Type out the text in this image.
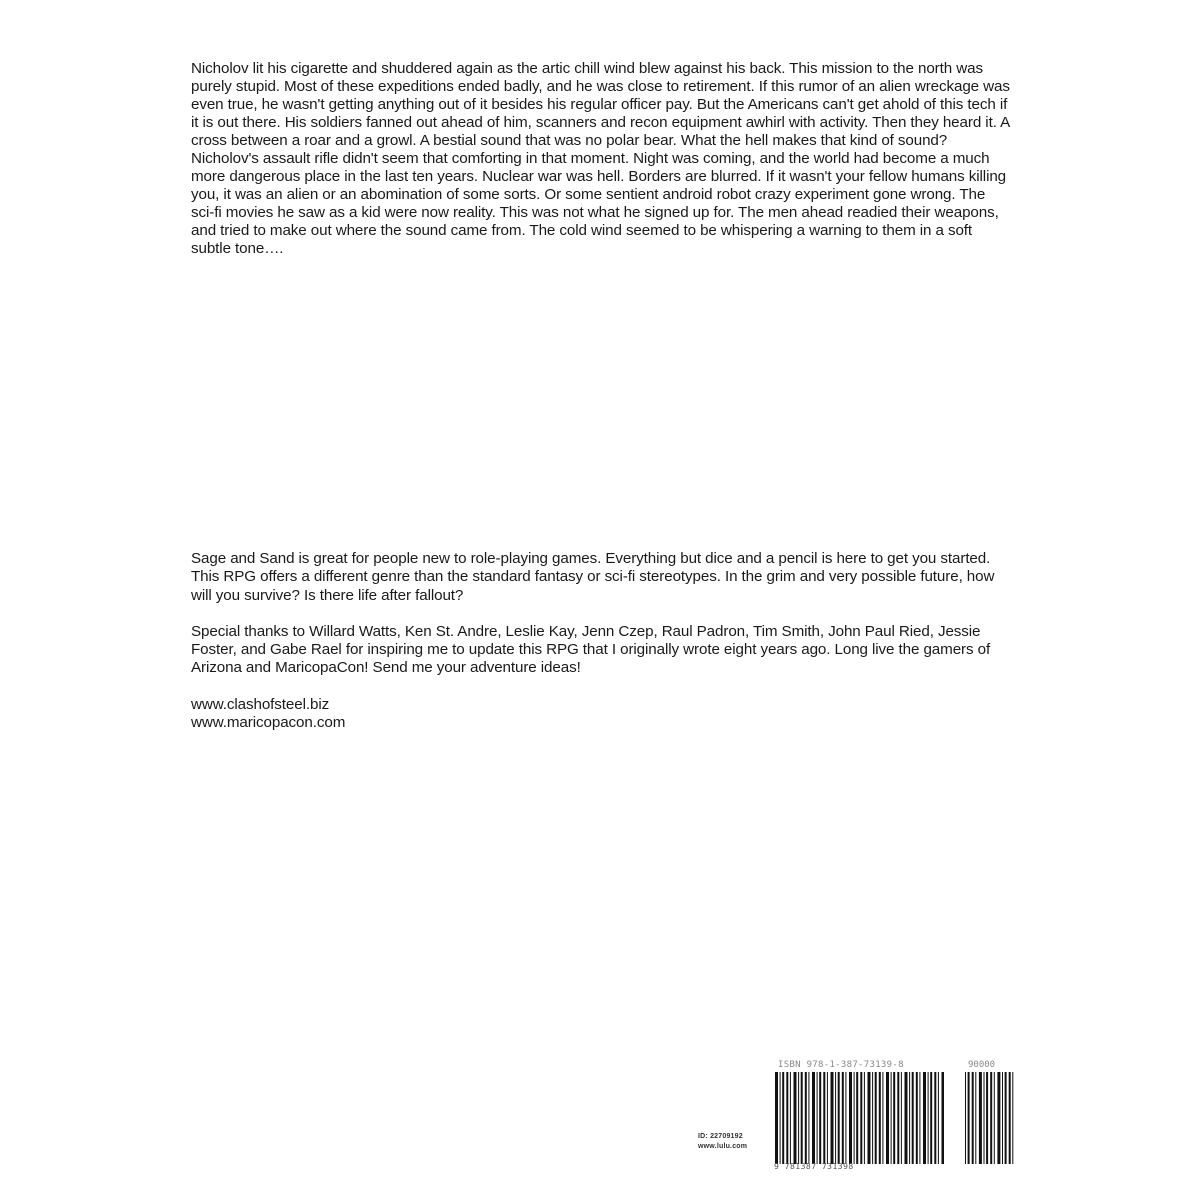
Nicholov lit his cigarette and shuddered again as the artic chill wind blew against his back. This mission to the north was purely stupid. Most of these expeditions ended badly, and he was close to retirement. If this rumor of an alien wreckage was even true, he wasn't getting anything out of it besides his regular officer pay. But the Americans can't get ahold of this tech if it is out there. His soldiers fanned out ahead of him, scanners and recon equipment awhirl with activity. Then they heard it. A cross between a roar and a growl. A bestial sound that was no polar bear. What the hell makes that kind of sound?

Nicholov's assault rifle didn't seem that comforting in that moment. Night was coming, and the world had become a much more dangerous place in the last ten years. Nuclear war was hell. Borders are blurred. If it wasn't your fellow humans killing you, it was an alien or an abomination of some sorts. Or some sentient android robot crazy experiment gone wrong. The sci-fi movies he saw as a kid were now reality. This was not what he signed up for. The men ahead readied their weapons, and tried to make out where the sound came from. The cold wind seemed to be whispering a warning to them in a soft subtle tone….

Sage and Sand is great for people new to role-playing games. Everything but dice and a pencil is here to get you started. This RPG offers a different genre than the standard fantasy or sci-fi stereotypes. In the grim and very possible future, how will you survive? Is there life after fallout?

Special thanks to Willard Watts, Ken St. Andre, Leslie Kay, Jenn Czep, Raul Padron, Tim Smith, John Paul Ried, Jessie Foster, and Gabe Rael for inspiring me to update this RPG that I originally wrote eight years ago. Long live the gamers of Arizona and MaricopaCon! Send me your adventure ideas!

www.clashofsteel.biz

www.maricopacon.com

ISBN 978-1-387-73139-8	90000
9 781387 731398
ID: 22709192
www.lulu.com
